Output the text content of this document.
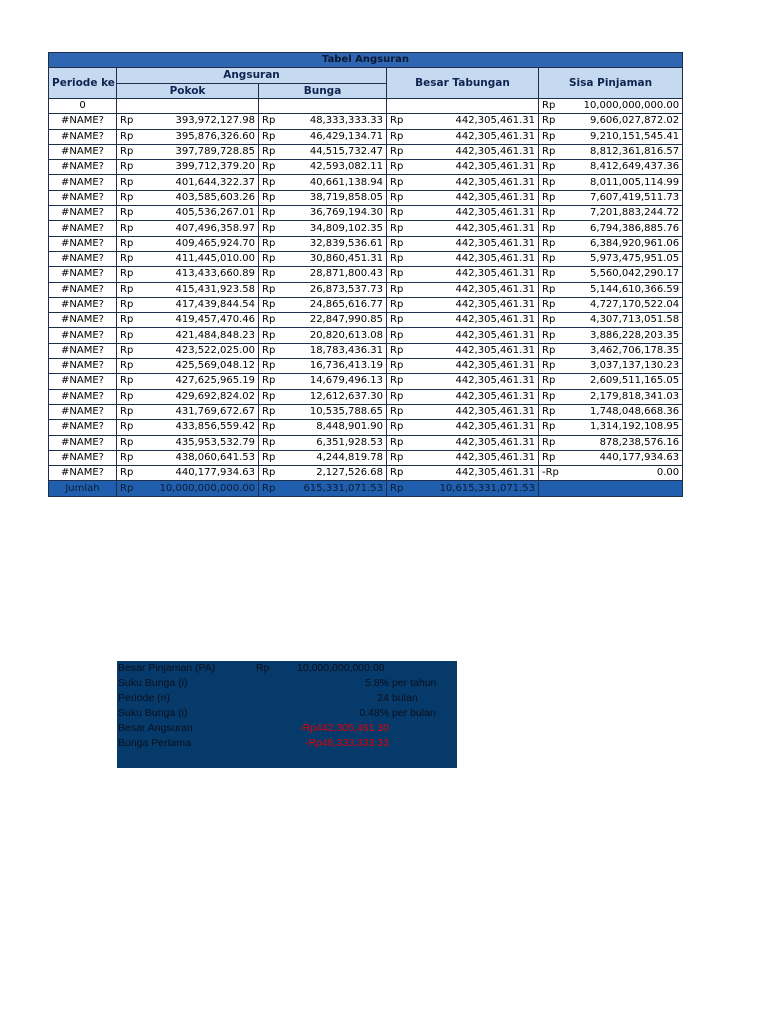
Tabel Angsuran								
Periode ke	Angsuran				Besar Tabungan		Sisa Pinjaman	
	Pokok		Bunga					
0							Rp	10,000,000,000.00
#NAME?	Rp	393,972,127.98	Rp	48,333,333.33	Rp	442,305,461.31	Rp	9,606,027,872.02
#NAME?	Rp	395,876,326.60	Rp	46,429,134.71	Rp	442,305,461.31	Rp	9,210,151,545.41
#NAME?	Rp	397,789,728.85	Rp	44,515,732.47	Rp	442,305,461.31	Rp	8,812,361,816.57
#NAME?	Rp	399,712,379.20	Rp	42,593,082.11	Rp	442,305,461.31	Rp	8,412,649,437.36
#NAME?	Rp	401,644,322.37	Rp	40,661,138.94	Rp	442,305,461.31	Rp	8,011,005,114.99
#NAME?	Rp	403,585,603.26	Rp	38,719,858.05	Rp	442,305,461.31	Rp	7,607,419,511.73
#NAME?	Rp	405,536,267.01	Rp	36,769,194.30	Rp	442,305,461.31	Rp	7,201,883,244.72
#NAME?	Rp	407,496,358.97	Rp	34,809,102.35	Rp	442,305,461.31	Rp	6,794,386,885.76
#NAME?	Rp	409,465,924.70	Rp	32,839,536.61	Rp	442,305,461.31	Rp	6,384,920,961.06
#NAME?	Rp	411,445,010.00	Rp	30,860,451.31	Rp	442,305,461.31	Rp	5,973,475,951.05
#NAME?	Rp	413,433,660.89	Rp	28,871,800.43	Rp	442,305,461.31	Rp	5,560,042,290.17
#NAME?	Rp	415,431,923.58	Rp	26,873,537.73	Rp	442,305,461.31	Rp	5,144,610,366.59
#NAME?	Rp	417,439,844.54	Rp	24,865,616.77	Rp	442,305,461.31	Rp	4,727,170,522.04
#NAME?	Rp	419,457,470.46	Rp	22,847,990.85	Rp	442,305,461.31	Rp	4,307,713,051.58
#NAME?	Rp	421,484,848.23	Rp	20,820,613.08	Rp	442,305,461.31	Rp	3,886,228,203.35
#NAME?	Rp	423,522,025.00	Rp	18,783,436.31	Rp	442,305,461.31	Rp	3,462,706,178.35
#NAME?	Rp	425,569,048.12	Rp	16,736,413.19	Rp	442,305,461.31	Rp	3,037,137,130.23
#NAME?	Rp	427,625,965.19	Rp	14,679,496.13	Rp	442,305,461.31	Rp	2,609,511,165.05
#NAME?	Rp	429,692,824.02	Rp	12,612,637.30	Rp	442,305,461.31	Rp	2,179,818,341.03
#NAME?	Rp	431,769,672.67	Rp	10,535,788.65	Rp	442,305,461.31	Rp	1,748,048,668.36
#NAME?	Rp	433,856,559.42	Rp	8,448,901.90	Rp	442,305,461.31	Rp	1,314,192,108.95
#NAME?	Rp	435,953,532.79	Rp	6,351,928.53	Rp	442,305,461.31	Rp	878,238,576.16
#NAME?	Rp	438,060,641.53	Rp	4,244,819.78	Rp	442,305,461.31	Rp	440,177,934.63
#NAME?	Rp	440,177,934.63	Rp	2,127,526.68	Rp	442,305,461.31	-Rp	0.00
Jumlah	Rp	10,000,000,000.00	Rp	615,331,071.53	Rp	10,615,331,071.53		
Besar Pinjaman (PA)	Rp	10,000,000,000.00
Suku Bunga (i)	5.8% per tahun
Periode (n)	24 bulan
Suku Bunga (i)	0.48% per bulan
Besar Angsuran	-Rp442,305,461.30
Bunga Pertama	-Rp48,333,333.33
